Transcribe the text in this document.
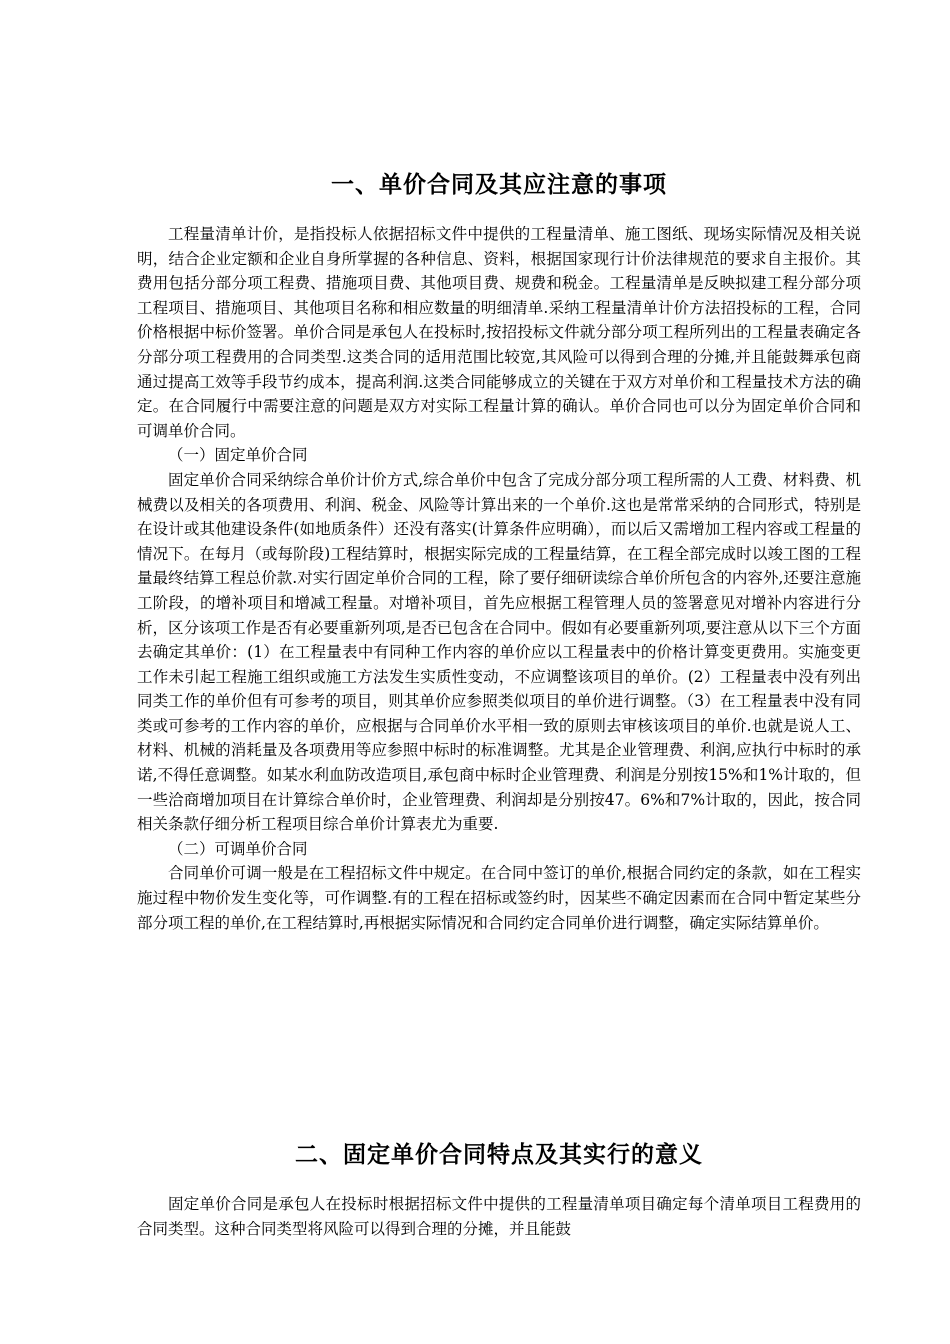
一、单价合同及其应注意的事项

工程量清单计价，是指投标人依据招标文件中提供的工程量清单、施工图纸、现场实际情况及相关说明，结合企业定额和企业自身所掌握的各种信息、资料，根据国家现行计价法律规范的要求自主报价。其费用包括分部分项工程费、措施项目费、其他项目费、规费和税金。工程量清单是反映拟建工程分部分项工程项目、措施项目、其他项目名称和相应数量的明细清单.采纳工程量清单计价方法招投标的工程，合同价格根据中标价签署。单价合同是承包人在投标时,按招投标文件就分部分项工程所列出的工程量表确定各分部分项工程费用的合同类型.这类合同的适用范围比较宽,其风险可以得到合理的分摊,并且能鼓舞承包商通过提高工效等手段节约成本，提高利润.这类合同能够成立的关键在于双方对单价和工程量技术方法的确定。在合同履行中需要注意的问题是双方对实际工程量计算的确认。单价合同也可以分为固定单价合同和可调单价合同。

（一）固定单价合同

固定单价合同采纳综合单价计价方式,综合单价中包含了完成分部分项工程所需的人工费、材料费、机械费以及相关的各项费用、利润、税金、风险等计算出来的一个单价.这也是常常采纳的合同形式，特别是在设计或其他建设条件(如地质条件）还没有落实(计算条件应明确），而以后又需增加工程内容或工程量的情况下。在每月（或每阶段)工程结算时，根据实际完成的工程量结算，在工程全部完成时以竣工图的工程量最终结算工程总价款.对实行固定单价合同的工程，除了要仔细研读综合单价所包含的内容外,还要注意施工阶段，的增补项目和增减工程量。对增补项目，首先应根据工程管理人员的签署意见对增补内容进行分析，区分该项工作是否有必要重新列项,是否已包含在合同中。假如有必要重新列项,要注意从以下三个方面去确定其单价：(1）在工程量表中有同种工作内容的单价应以工程量表中的价格计算变更费用。实施变更工作未引起工程施工组织或施工方法发生实质性变动，不应调整该项目的单价。(2）工程量表中没有列出同类工作的单价但有可参考的项目，则其单价应参照类似项目的单价进行调整。（3）在工程量表中没有同类或可参考的工作内容的单价，应根据与合同单价水平相一致的原则去审核该项目的单价.也就是说人工、材料、机械的消耗量及各项费用等应参照中标时的标准调整。尤其是企业管理费、利润,应执行中标时的承诺,不得任意调整。如某水利血防改造项目,承包商中标时企业管理费、利润是分别按15%和1%计取的，但一些洽商增加项目在计算综合单价时，企业管理费、利润却是分别按47。6%和7%计取的，因此，按合同相关条款仔细分析工程项目综合单价计算表尤为重要.

（二）可调单价合同

合同单价可调一般是在工程招标文件中规定。在合同中签订的单价,根据合同约定的条款，如在工程实施过程中物价发生变化等，可作调整.有的工程在招标或签约时，因某些不确定因素而在合同中暂定某些分部分项工程的单价,在工程结算时,再根据实际情况和合同约定合同单价进行调整，确定实际结算单价。

二、固定单价合同特点及其实行的意义

固定单价合同是承包人在投标时根据招标文件中提供的工程量清单项目确定每个清单项目工程费用的合同类型。这种合同类型将风险可以得到合理的分摊，并且能鼓
